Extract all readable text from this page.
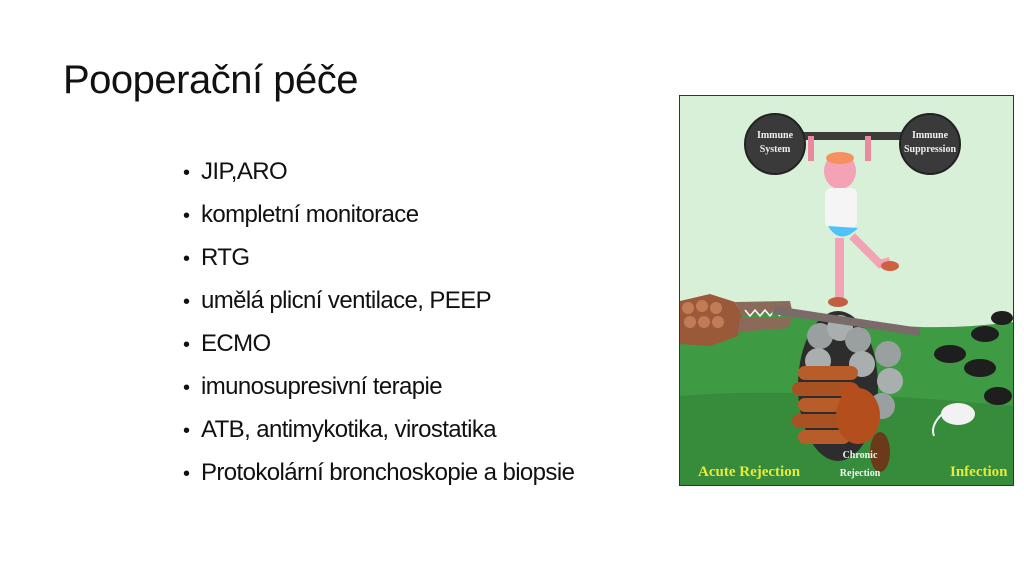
Pooperační péče
• JIP,ARO
• kompletní monitorace
• RTG
• umělá plicní ventilace, PEEP
• ECMO
• imunosupresivní terapie
• ATB, antimykotika, virostatika
• Protokolární bronchoskopie a biopsie
Immune
System
Immune
Suppression
Acute Rejection	Infection
Chronic
Rejection
